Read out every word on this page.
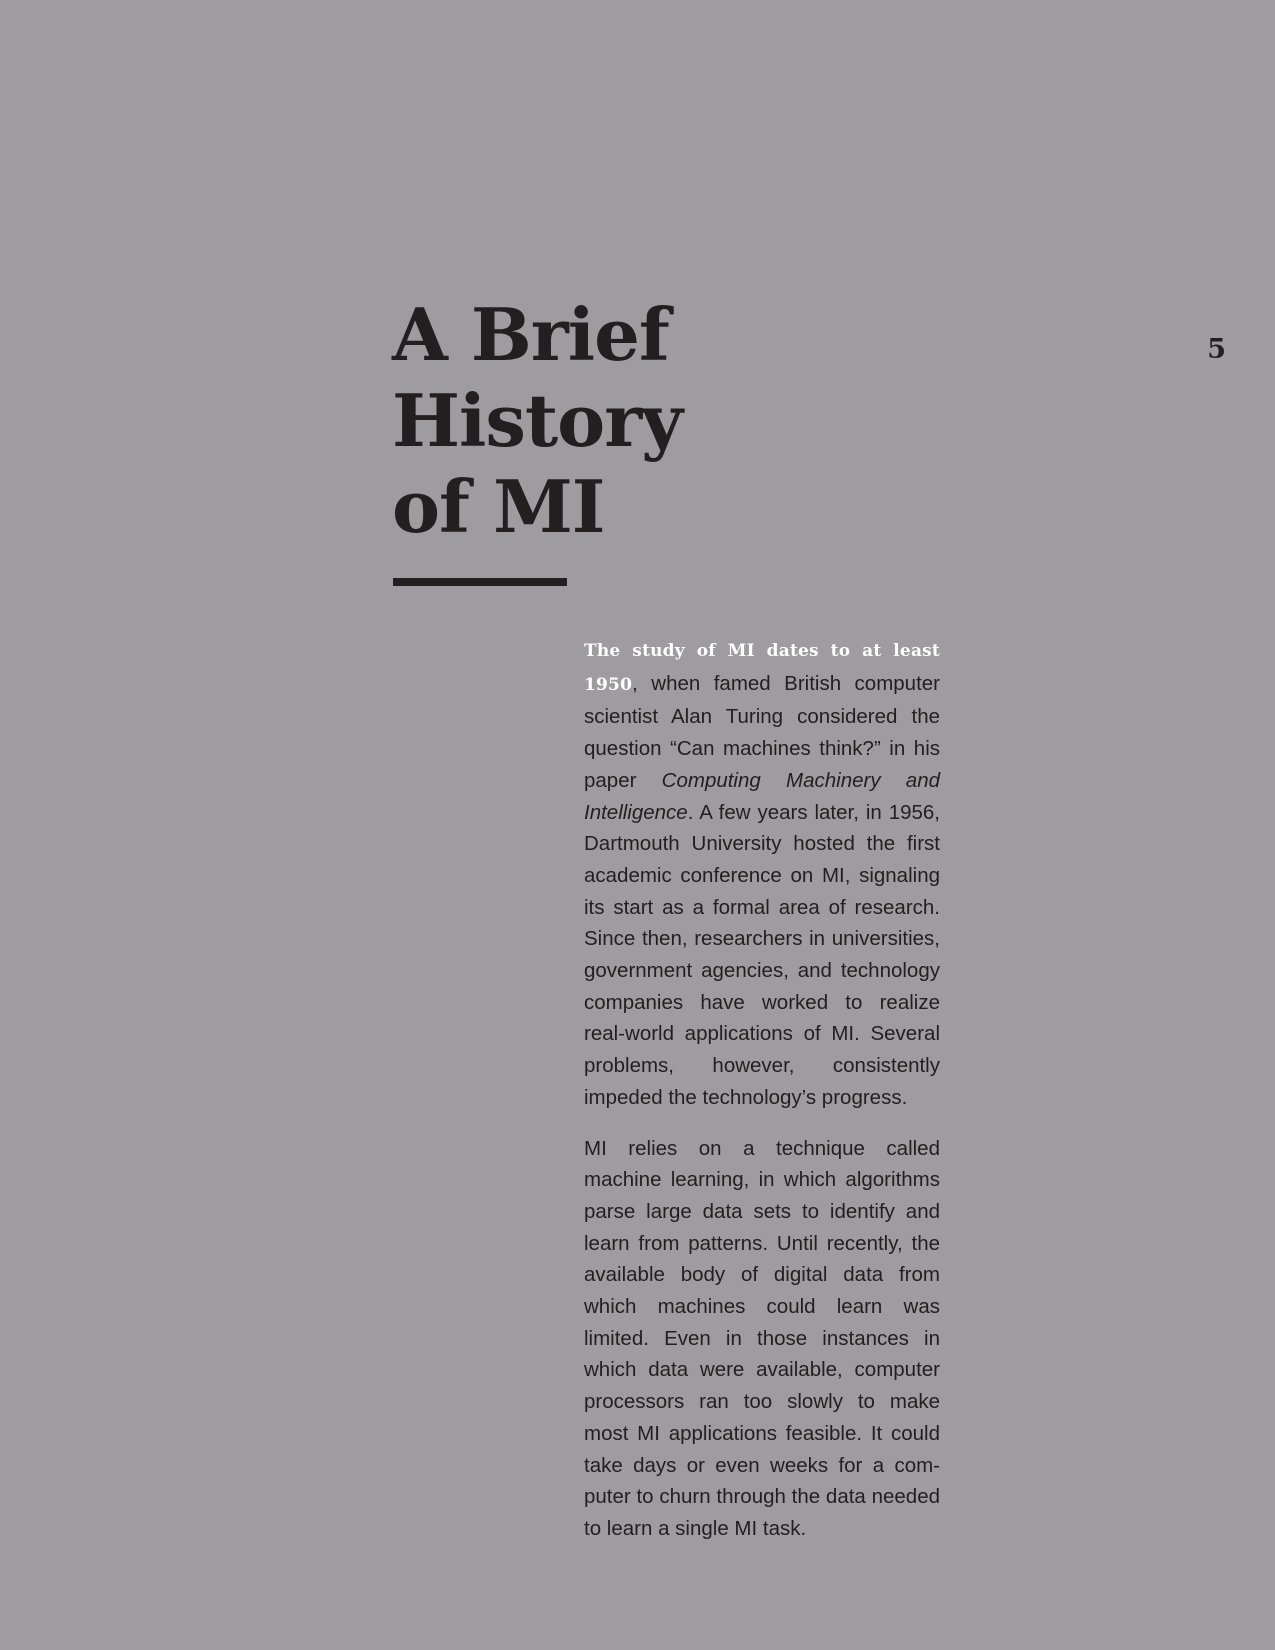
5
A Brief
History
of MI

The study of MI dates to at least 1950, when famed British computer scientist Alan Turing considered the question “Can machines think?” in his paper Computing Machinery and Intelligence. A few years later, in 1956, Dartmouth University hosted the first academic conference on MI, signaling its start as a formal area of research. Since then, researchers in universities, government agencies, and technology companies have worked to realize real-world applications of MI. Several problems, however, consistently impeded the technology’s progress.

MI relies on a technique called machine learning, in which algorithms parse large data sets to identify and learn from patterns. Until recently, the available body of digital data from which machines could learn was limited. Even in those instances in which data were available, computer processors ran too slowly to make most MI applications feasible. It could take days or even weeks for a computer to churn through the data needed to learn a single MI task.
